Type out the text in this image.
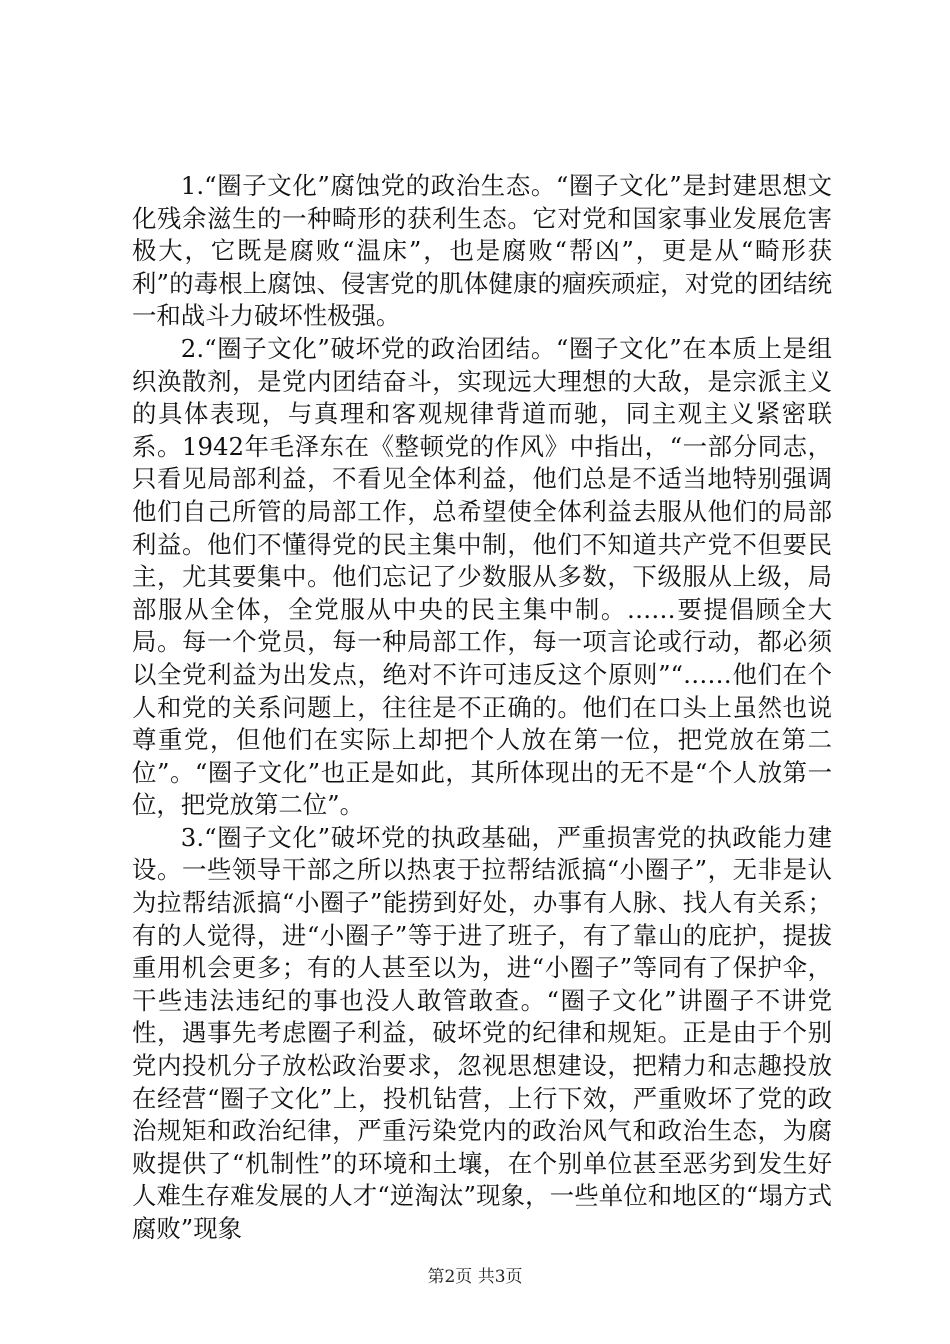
1.“圈子文化”腐蚀党的政治生态。“圈子文化”是封建思想文化残余滋生的一种畸形的获利生态。它对党和国家事业发展危害极大，它既是腐败“温床”，也是腐败“帮凶”，更是从“畸形获利”的毒根上腐蚀、侵害党的肌体健康的痼疾顽症，对党的团结统一和战斗力破坏性极强。

2.“圈子文化”破坏党的政治团结。“圈子文化”在本质上是组织涣散剂，是党内团结奋斗，实现远大理想的大敌，是宗派主义的具体表现，与真理和客观规律背道而驰，同主观主义紧密联系。1942年毛泽东在《整顿党的作风》中指出，“一部分同志，只看见局部利益，不看见全体利益，他们总是不适当地特别强调他们自己所管的局部工作，总希望使全体利益去服从他们的局部利益。他们不懂得党的民主集中制，他们不知道共产党不但要民主，尤其要集中。他们忘记了少数服从多数，下级服从上级，局部服从全体，全党服从中央的民主集中制。……要提倡顾全大局。每一个党员，每一种局部工作，每一项言论或行动，都必须以全党利益为出发点，绝对不许可违反这个原则”“……他们在个人和党的关系问题上，往往是不正确的。他们在口头上虽然也说尊重党，但他们在实际上却把个人放在第一位，把党放在第二位”。“圈子文化”也正是如此，其所体现出的无不是“个人放第一位，把党放第二位”。

3.“圈子文化”破坏党的执政基础，严重损害党的执政能力建设。一些领导干部之所以热衷于拉帮结派搞“小圈子”，无非是认为拉帮结派搞“小圈子”能捞到好处，办事有人脉、找人有关系；有的人觉得，进“小圈子”等于进了班子，有了靠山的庇护，提拔重用机会更多；有的人甚至以为，进“小圈子”等同有了保护伞，干些违法违纪的事也没人敢管敢查。“圈子文化”讲圈子不讲党性，遇事先考虑圈子利益，破坏党的纪律和规矩。正是由于个别党内投机分子放松政治要求，忽视思想建设，把精力和志趣投放在经营“圈子文化”上，投机钻营，上行下效，严重败坏了党的政治规矩和政治纪律，严重污染党内的政治风气和政治生态，为腐败提供了“机制性”的环境和土壤，在个别单位甚至恶劣到发生好人难生存难发展的人才“逆淘汰”现象，一些单位和地区的“塌方式腐败”现象

第2页 共3页
